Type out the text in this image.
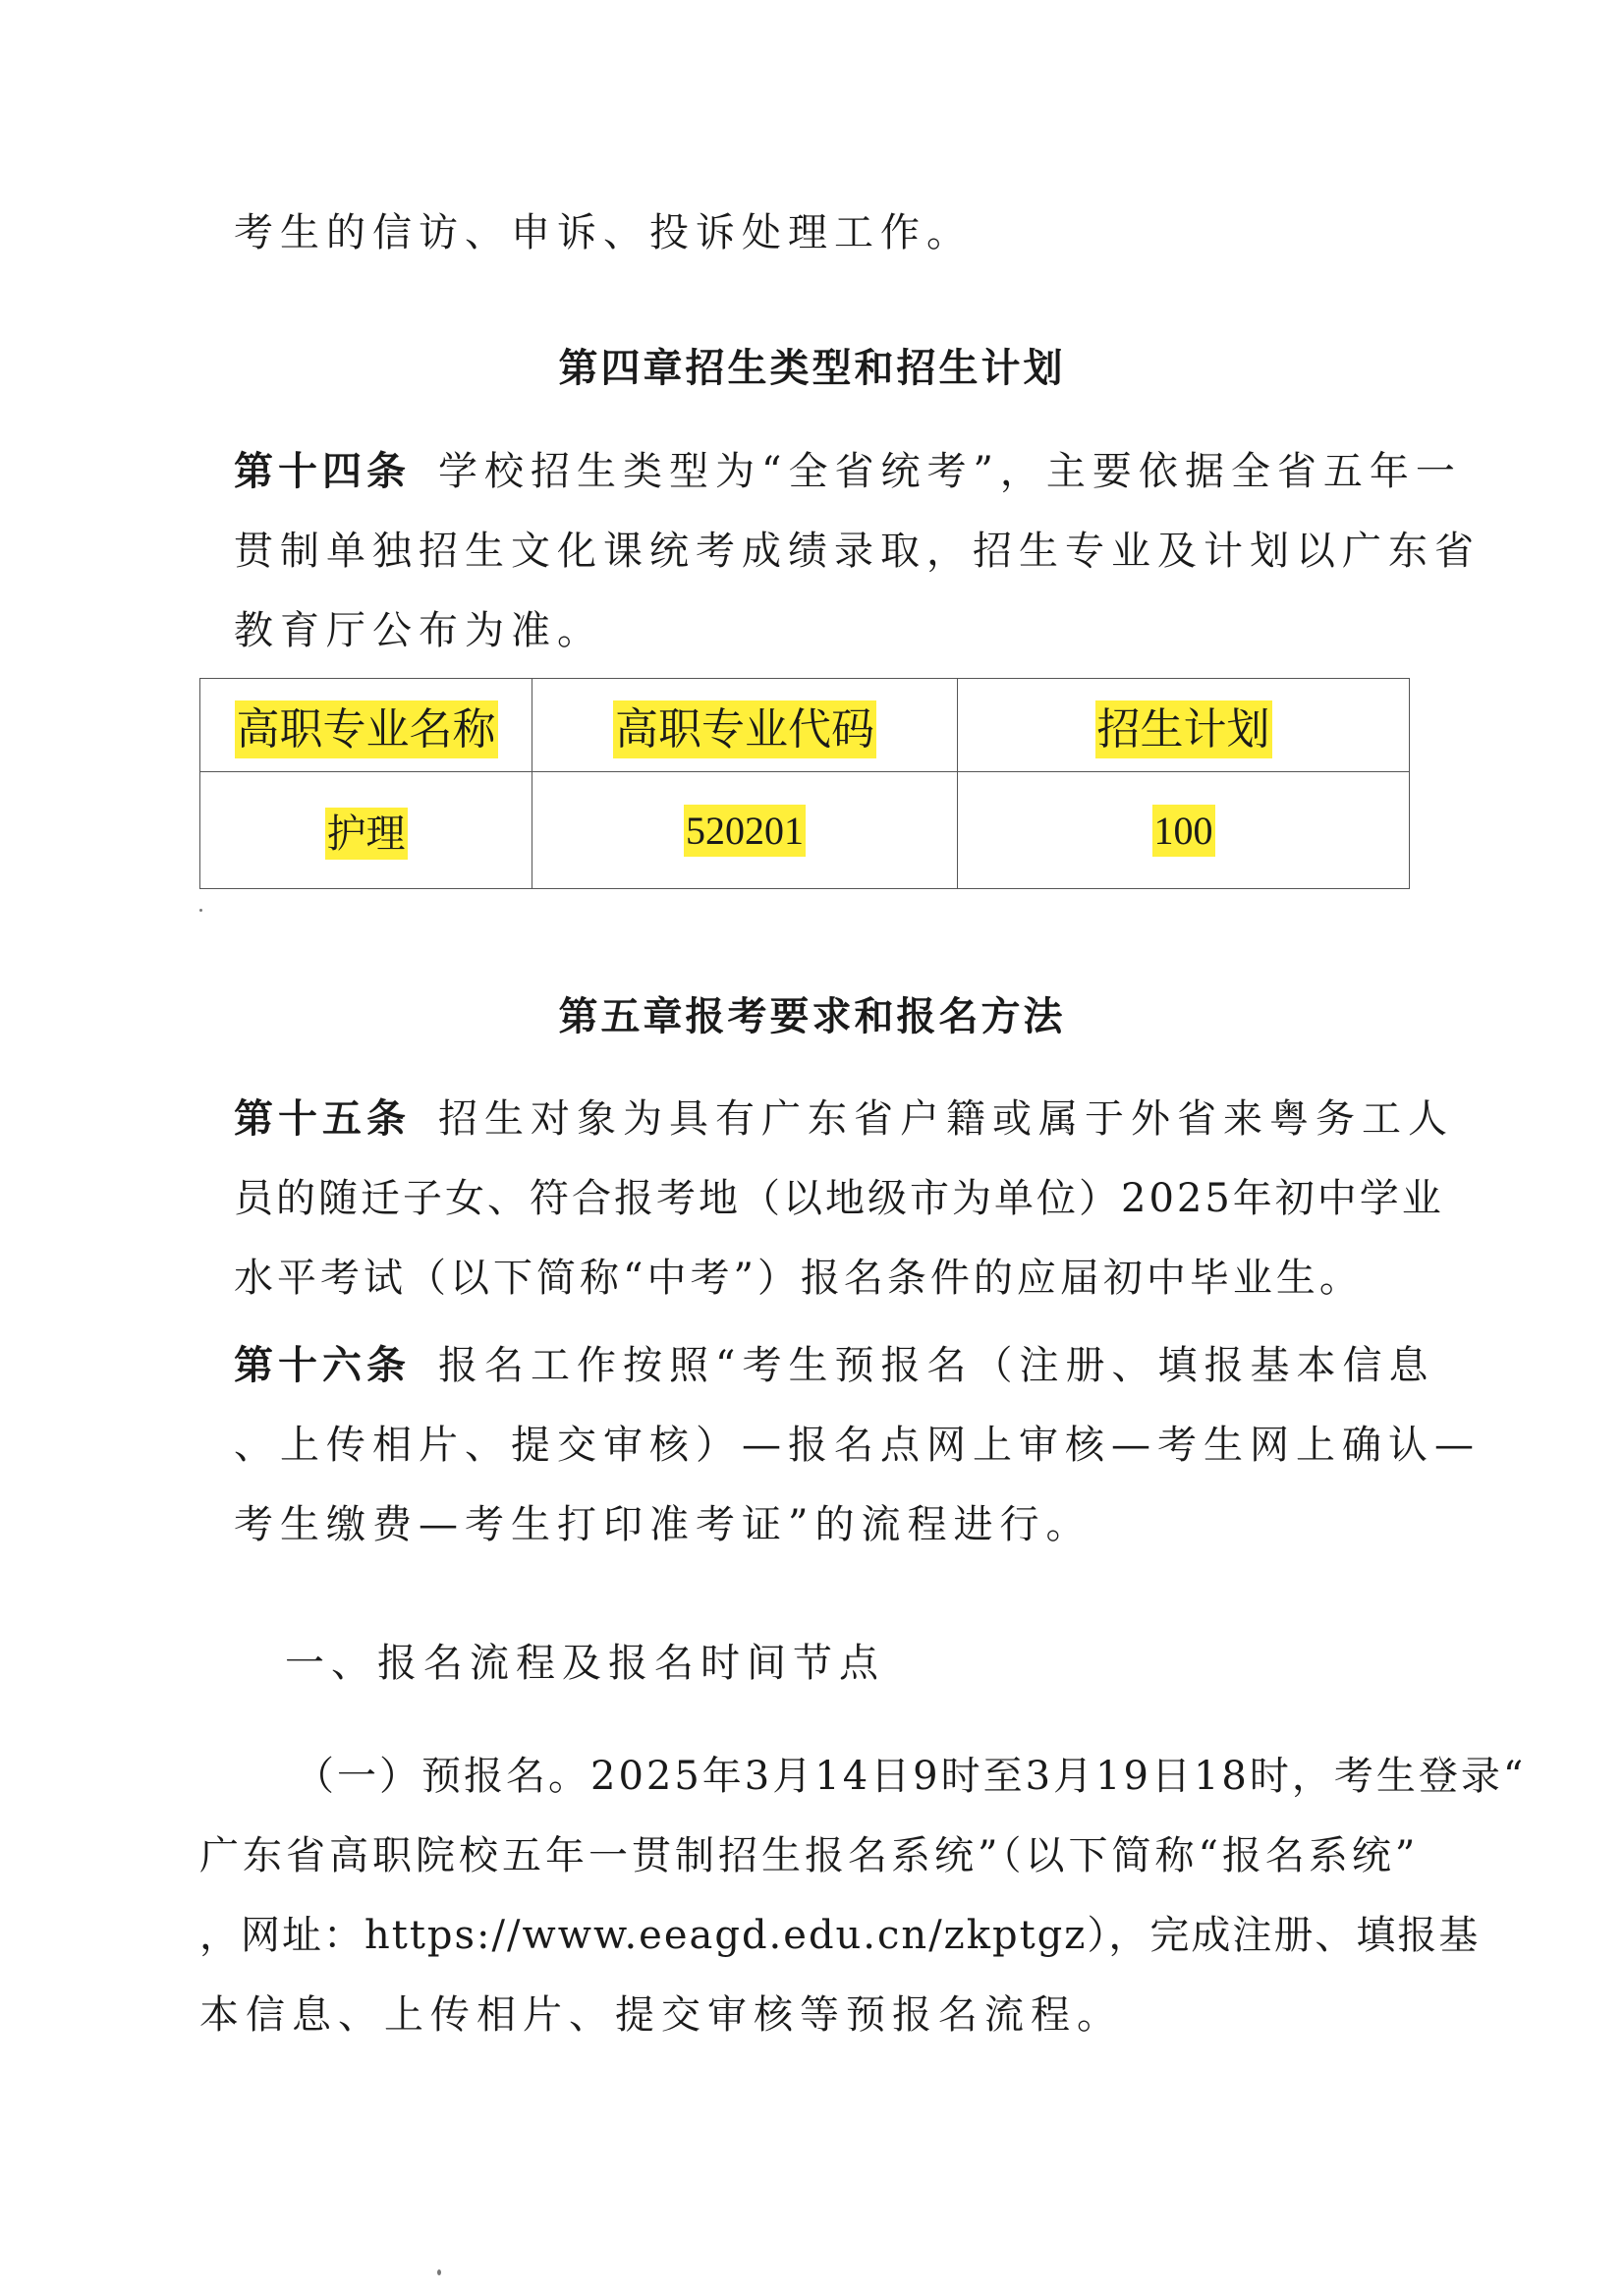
考生的信访、申诉、投诉处理工作。
第四章招生类型和招生计划
第十四条 学校招生类型为“全省统考”，主要依据全省五年一
贯制单独招生文化课统考成绩录取，招生专业及计划以广东省
教育厅公布为准。
高职专业名称	高职专业代码	招生计划
护理	520201	100
第五章报考要求和报名方法
第十五条 招生对象为具有广东省户籍或属于外省来粤务工人
员的随迁子女、符合报考地（以地级市为单位）2025年初中学业
水平考试（以下简称“中考”）报名条件的应届初中毕业生。
第十六条 报名工作按照“考生预报名（注册、填报基本信息
、上传相片、提交审核）—报名点网上审核—考生网上确认—
考生缴费—考生打印准考证”的流程进行。
一、报名流程及报名时间节点
（一）预报名。2025年3月14日9时至3月19日18时，考生登录“
广东省高职院校五年一贯制招生报名系统”（以下简称“报名系统”
，网址：https://www.eeagd.edu.cn/zkptgz），完成注册、填报基
本信息、上传相片、提交审核等预报名流程。
